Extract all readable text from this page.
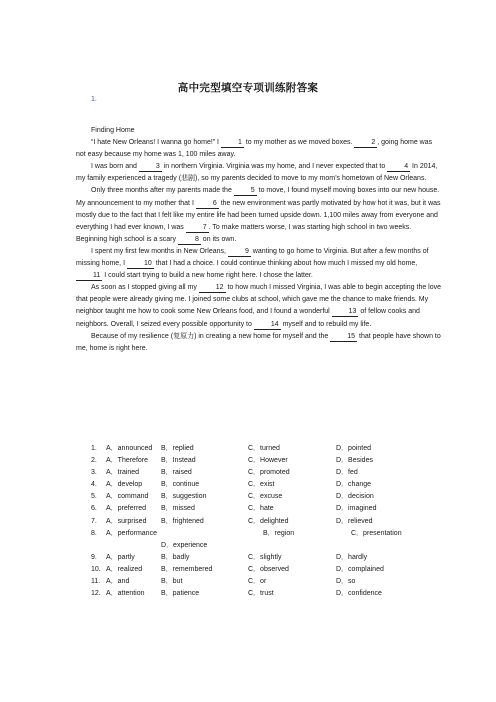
高中完型填空专项训练附答案
1.

Finding Home

“I hate New Orleans! I wanna go home!” I 1 to my mother as we moved boxes. 2 , going home was not easy because my home was 1, 100 miles away.

I was born and 3 in northern Virginia. Virginia was my home, and I never expected that to 4 In 2014, my family experienced a tragedy (悲剧), so my parents decided to move to my mom’s hometown of New Orleans.

Only three months after my parents made the 5 to move, I found myself moving boxes into our new house. My announcement to my mother that I 6 the new environment was partly motivated by how hot it was, but it was mostly due to the fact that I felt like my entire life had been turned upside down. 1,100 miles away from everyone and everything I had ever known, I was 7 . To make matters worse, I was starting high school in two weeks. Beginning high school is a scary 8 on its own.

I spent my first few months in New Orleans, 9 wanting to go home to Virginia. But after a few months of missing home, I 10 that I had a choice. I could continue thinking about how much I missed my old home, 11 I could start trying to build a new home right here. I chose the latter.

As soon as I stopped giving all my 12 to how much I missed Virginia, I was able to begin accepting the love that people were already giving me. I joined some clubs at school, which gave me the chance to make friends. My neighbor taught me how to cook some New Orleans food, and I found a wonderful 13 of fellow cooks and neighbors. Overall, I seized every possible opportunity to 14 myself and to rebuild my life.

Because of my resilience (复原力) in creating a new home for myself and the 15 that people have shown to me, home is right here.

1.	A．announced	B．replied	C．turned	D．pointed
2.	A．Therefore	B．Instead	C．However	D．Besides
3.	A．trained	B．raised	C．promoted	D．fed
4.	A．develop	B．continue	C．exist	D．change
5.	A．command	B．suggestion	C．excuse	D．decision
6.	A．preferred	B．missed	C．hate	D．imagined
7.	A．surprised	B．frightened	C．delighted	D．relieved
8.	A．performance	B．region	C．presentation
D．experience
9.	A．partly	B．badly	C．slightly	D．hardly
10. A．realized	B．remembered	C．observed	D．complained
11. A．and	B．but	C．or	D．so
12. A．attention	B．patience	C．trust	D．confidence
